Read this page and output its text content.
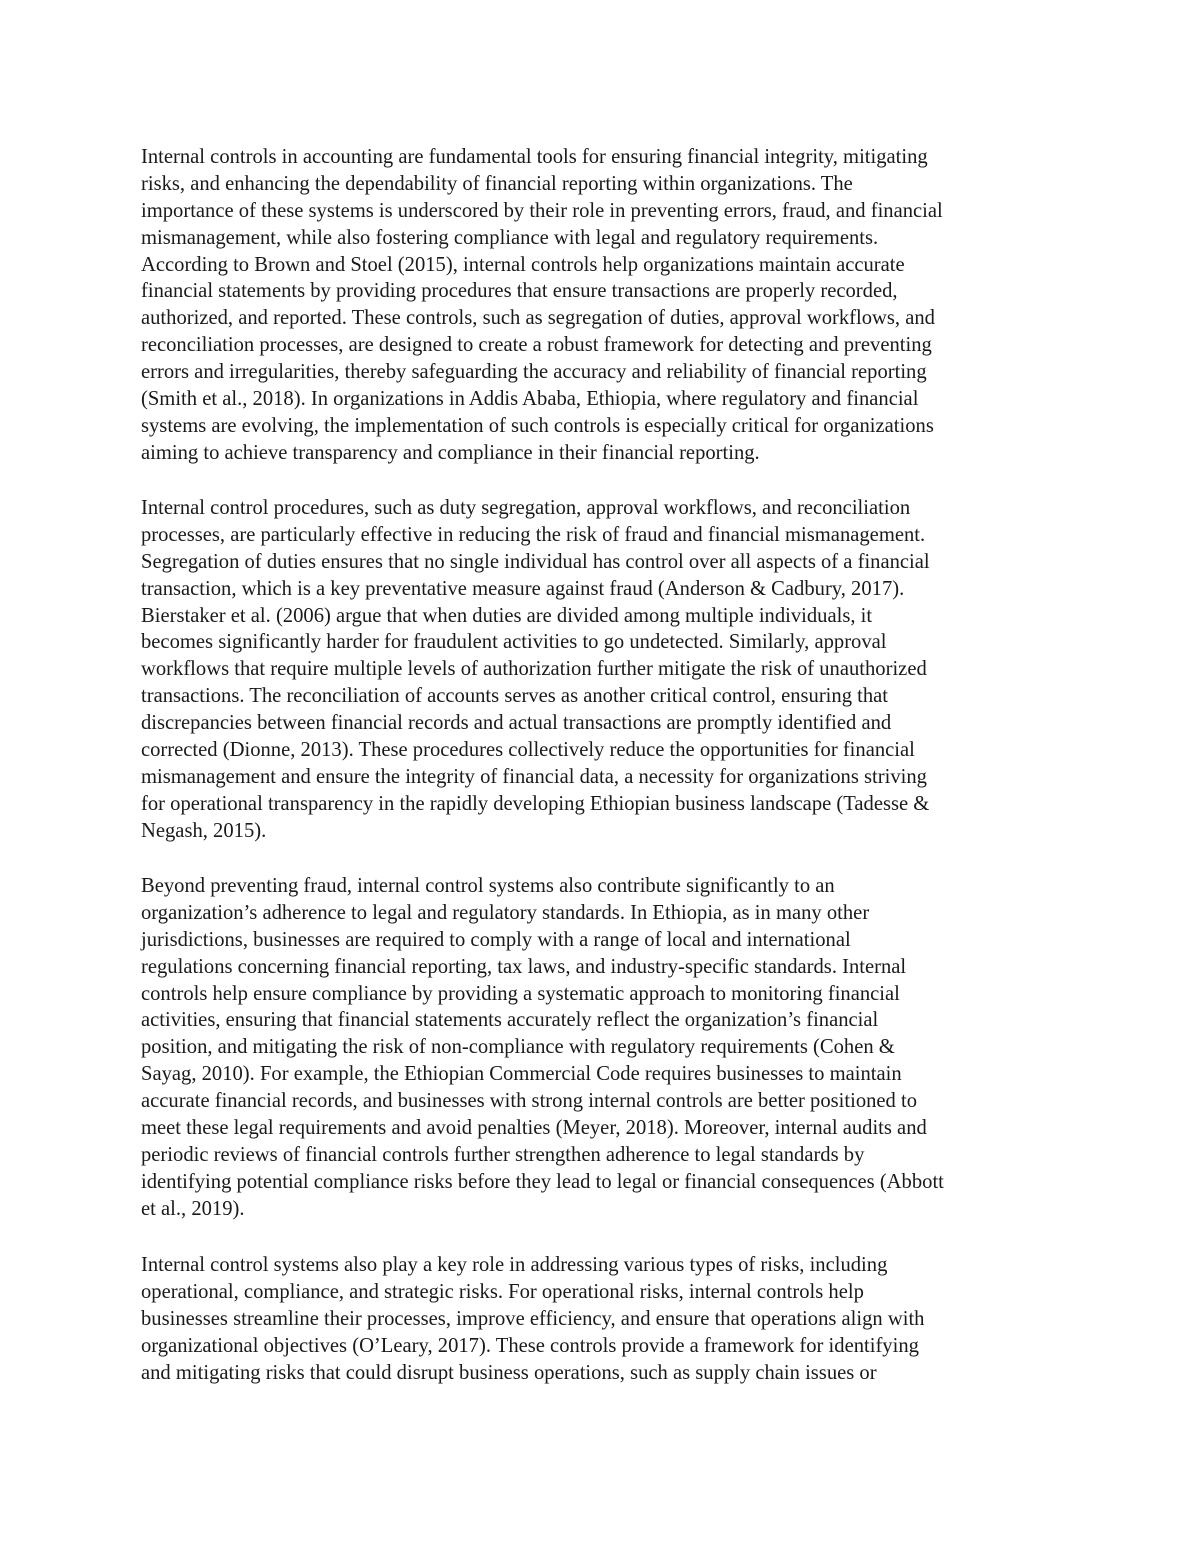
Internal controls in accounting are fundamental tools for ensuring financial integrity, mitigating
risks, and enhancing the dependability of financial reporting within organizations. The
importance of these systems is underscored by their role in preventing errors, fraud, and financial
mismanagement, while also fostering compliance with legal and regulatory requirements.
According to Brown and Stoel (2015), internal controls help organizations maintain accurate
financial statements by providing procedures that ensure transactions are properly recorded,
authorized, and reported. These controls, such as segregation of duties, approval workflows, and
reconciliation processes, are designed to create a robust framework for detecting and preventing
errors and irregularities, thereby safeguarding the accuracy and reliability of financial reporting
(Smith et al., 2018). In organizations in Addis Ababa, Ethiopia, where regulatory and financial
systems are evolving, the implementation of such controls is especially critical for organizations
aiming to achieve transparency and compliance in their financial reporting.
Internal control procedures, such as duty segregation, approval workflows, and reconciliation
processes, are particularly effective in reducing the risk of fraud and financial mismanagement.
Segregation of duties ensures that no single individual has control over all aspects of a financial
transaction, which is a key preventative measure against fraud (Anderson & Cadbury, 2017).
Bierstaker et al. (2006) argue that when duties are divided among multiple individuals, it
becomes significantly harder for fraudulent activities to go undetected. Similarly, approval
workflows that require multiple levels of authorization further mitigate the risk of unauthorized
transactions. The reconciliation of accounts serves as another critical control, ensuring that
discrepancies between financial records and actual transactions are promptly identified and
corrected (Dionne, 2013). These procedures collectively reduce the opportunities for financial
mismanagement and ensure the integrity of financial data, a necessity for organizations striving
for operational transparency in the rapidly developing Ethiopian business landscape (Tadesse &
Negash, 2015).
Beyond preventing fraud, internal control systems also contribute significantly to an
organization’s adherence to legal and regulatory standards. In Ethiopia, as in many other
jurisdictions, businesses are required to comply with a range of local and international
regulations concerning financial reporting, tax laws, and industry-specific standards. Internal
controls help ensure compliance by providing a systematic approach to monitoring financial
activities, ensuring that financial statements accurately reflect the organization’s financial
position, and mitigating the risk of non-compliance with regulatory requirements (Cohen &
Sayag, 2010). For example, the Ethiopian Commercial Code requires businesses to maintain
accurate financial records, and businesses with strong internal controls are better positioned to
meet these legal requirements and avoid penalties (Meyer, 2018). Moreover, internal audits and
periodic reviews of financial controls further strengthen adherence to legal standards by
identifying potential compliance risks before they lead to legal or financial consequences (Abbott
et al., 2019).
Internal control systems also play a key role in addressing various types of risks, including
operational, compliance, and strategic risks. For operational risks, internal controls help
businesses streamline their processes, improve efficiency, and ensure that operations align with
organizational objectives (O’Leary, 2017). These controls provide a framework for identifying
and mitigating risks that could disrupt business operations, such as supply chain issues or
